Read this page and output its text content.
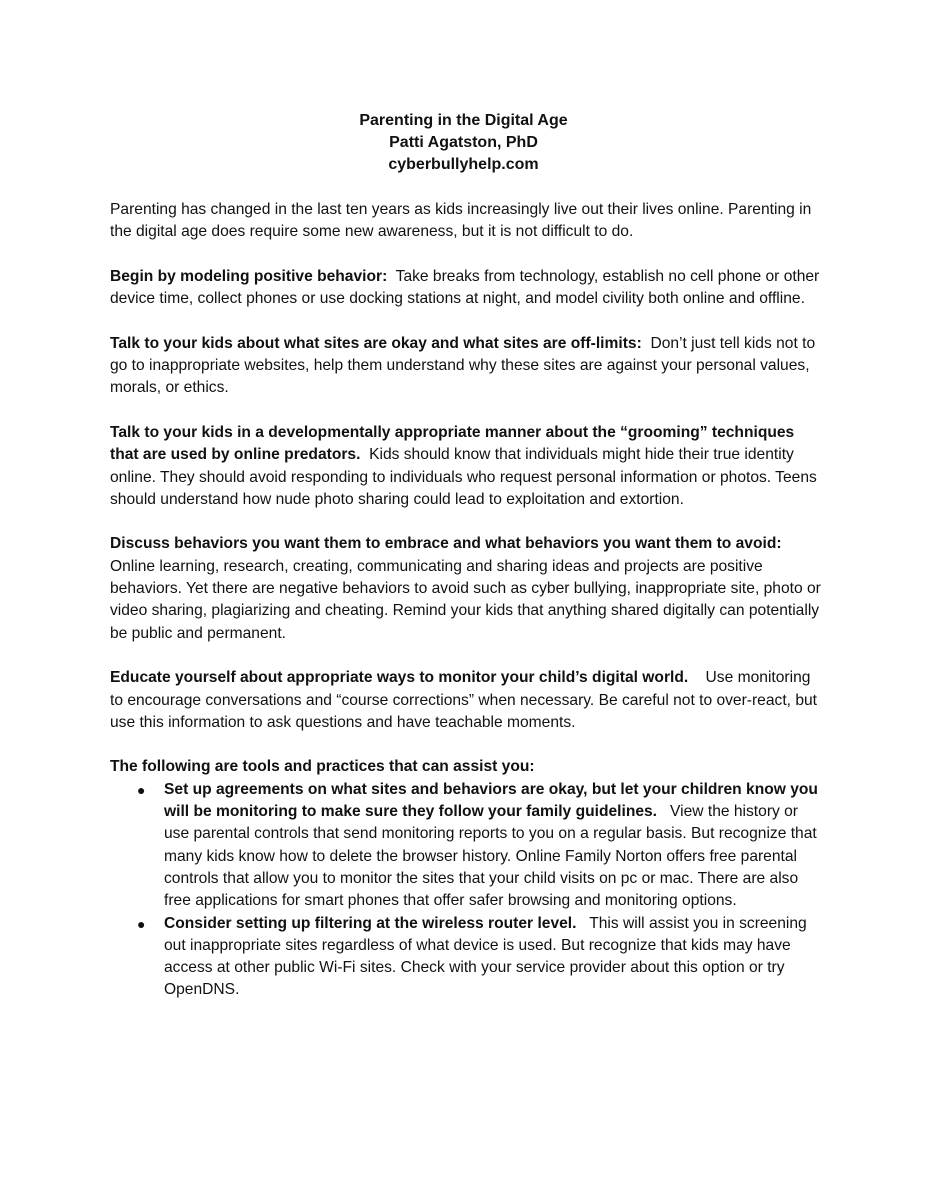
Parenting in the Digital Age
Patti Agatston, PhD
cyberbullyhelp.com

Parenting has changed in the last ten years as kids increasingly live out their lives online. Parenting in the digital age does require some new awareness, but it is not difficult to do.

Begin by modeling positive behavior: Take breaks from technology, establish no cell phone or other device time, collect phones or use docking stations at night, and model civility both online and offline.

Talk to your kids about what sites are okay and what sites are off-limits: Don’t just tell kids not to go to inappropriate websites, help them understand why these sites are against your personal values, morals, or ethics.

Talk to your kids in a developmentally appropriate manner about the “grooming” techniques that are used by online predators. Kids should know that individuals might hide their true identity online. They should avoid responding to individuals who request personal information or photos. Teens should understand how nude photo sharing could lead to exploitation and extortion.

Discuss behaviors you want them to embrace and what behaviors you want them to avoid:
Online learning, research, creating, communicating and sharing ideas and projects are positive behaviors. Yet there are negative behaviors to avoid such as cyber bullying, inappropriate site, photo or video sharing, plagiarizing and cheating. Remind your kids that anything shared digitally can potentially be public and permanent.

Educate yourself about appropriate ways to monitor your child’s digital world. Use monitoring to encourage conversations and “course corrections” when necessary. Be careful not to over-react, but use this information to ask questions and have teachable moments.

The following are tools and practices that can assist you:
● Set up agreements on what sites and behaviors are okay, but let your children know you will be monitoring to make sure they follow your family guidelines. View the history or use parental controls that send monitoring reports to you on a regular basis. But recognize that many kids know how to delete the browser history. Online Family Norton offers free parental controls that allow you to monitor the sites that your child visits on pc or mac. There are also free applications for smart phones that offer safer browsing and monitoring options.
● Consider setting up filtering at the wireless router level. This will assist you in screening out inappropriate sites regardless of what device is used. But recognize that kids may have access at other public Wi-Fi sites. Check with your service provider about this option or try OpenDNS.
